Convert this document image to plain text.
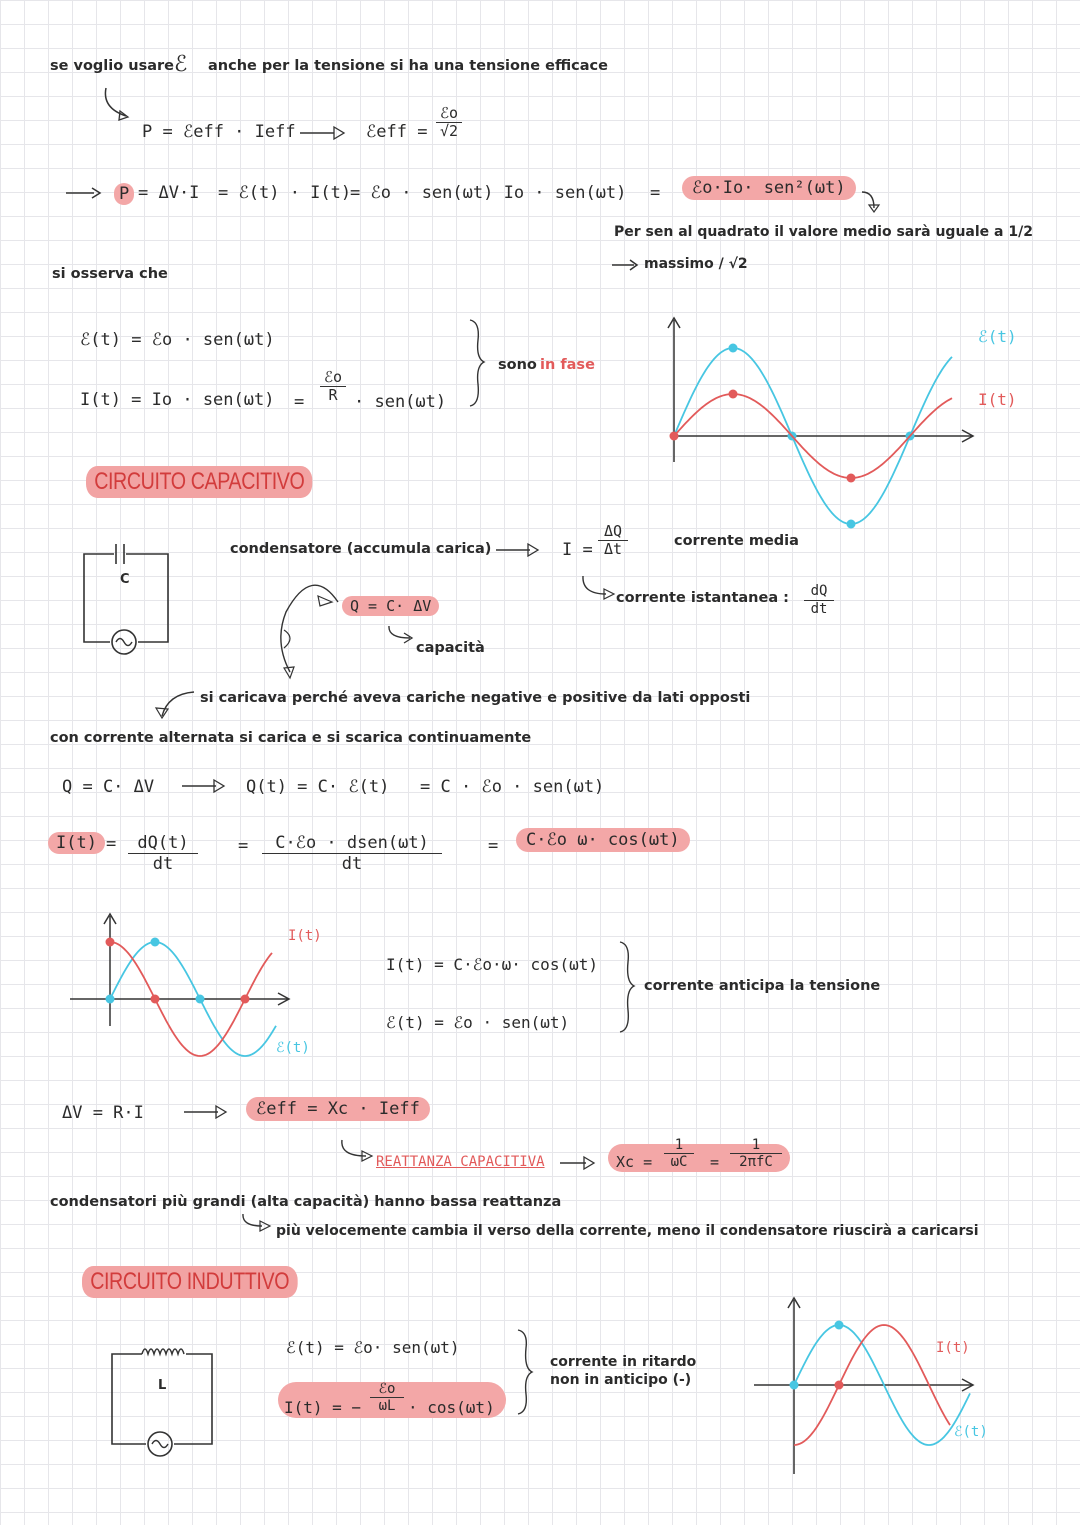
se voglio usare ℰ anche per la tensione si ha una tensione efficace
P = ℰeff · Ieff	ℰeff =
ℰo
√2
P = ΔV·I = ℰ(t) · I(t)
= ℰo · sen(ωt) Io · sen(ωt) =	ℰo·Io· sen²(ωt)
Per sen al quadrato il valore medio sarà uguale a 1/2
massimo / √2
si osserva che
ℰ(t) = ℰo · sen(ωt)
I(t) = Io · sen(ωt) =
ℰo
R · sen(ωt)
sono in fase
ℰ(t)
I(t)
CIRCUITO CAPACITIVO
C
condensatore (accumula carica)	I =
ΔQ
Δt	corrente media
corrente istantanea :	dQ
dt
Q = C· ΔV
capacità
si caricava perché aveva cariche negative e positive da lati opposti
con corrente alternata si carica e si scarica continuamente
Q = C· ΔV	Q(t) = C· ℰ(t) = C · ℰo · sen(ωt)
I(t) =	dQ(t)
dt
=	C·ℰo · dsen(ωt)
dt
=	C·ℰo ω· cos(ωt)
I(t)
ℰ(t)
I(t) = C·ℰo·ω· cos(ωt)
ℰ(t) = ℰo · sen(ωt)
corrente anticipa la tensione
ΔV = R·I	ℰeff = Xc · Ieff
REATTANZA CAPACITIVA	Xc =
1
ωC	=
1
2πfC
condensatori più grandi (alta capacità) hanno bassa reattanza
più velocemente cambia il verso della corrente, meno il condensatore riuscirà a caricarsi
CIRCUITO INDUTTIVO
L
ℰ(t) = ℰo· sen(ωt)
I(t) = −
ℰo
ωL · cos(ωt)
corrente in ritardo
non in anticipo (-)
I(t)
ℰ(t)
